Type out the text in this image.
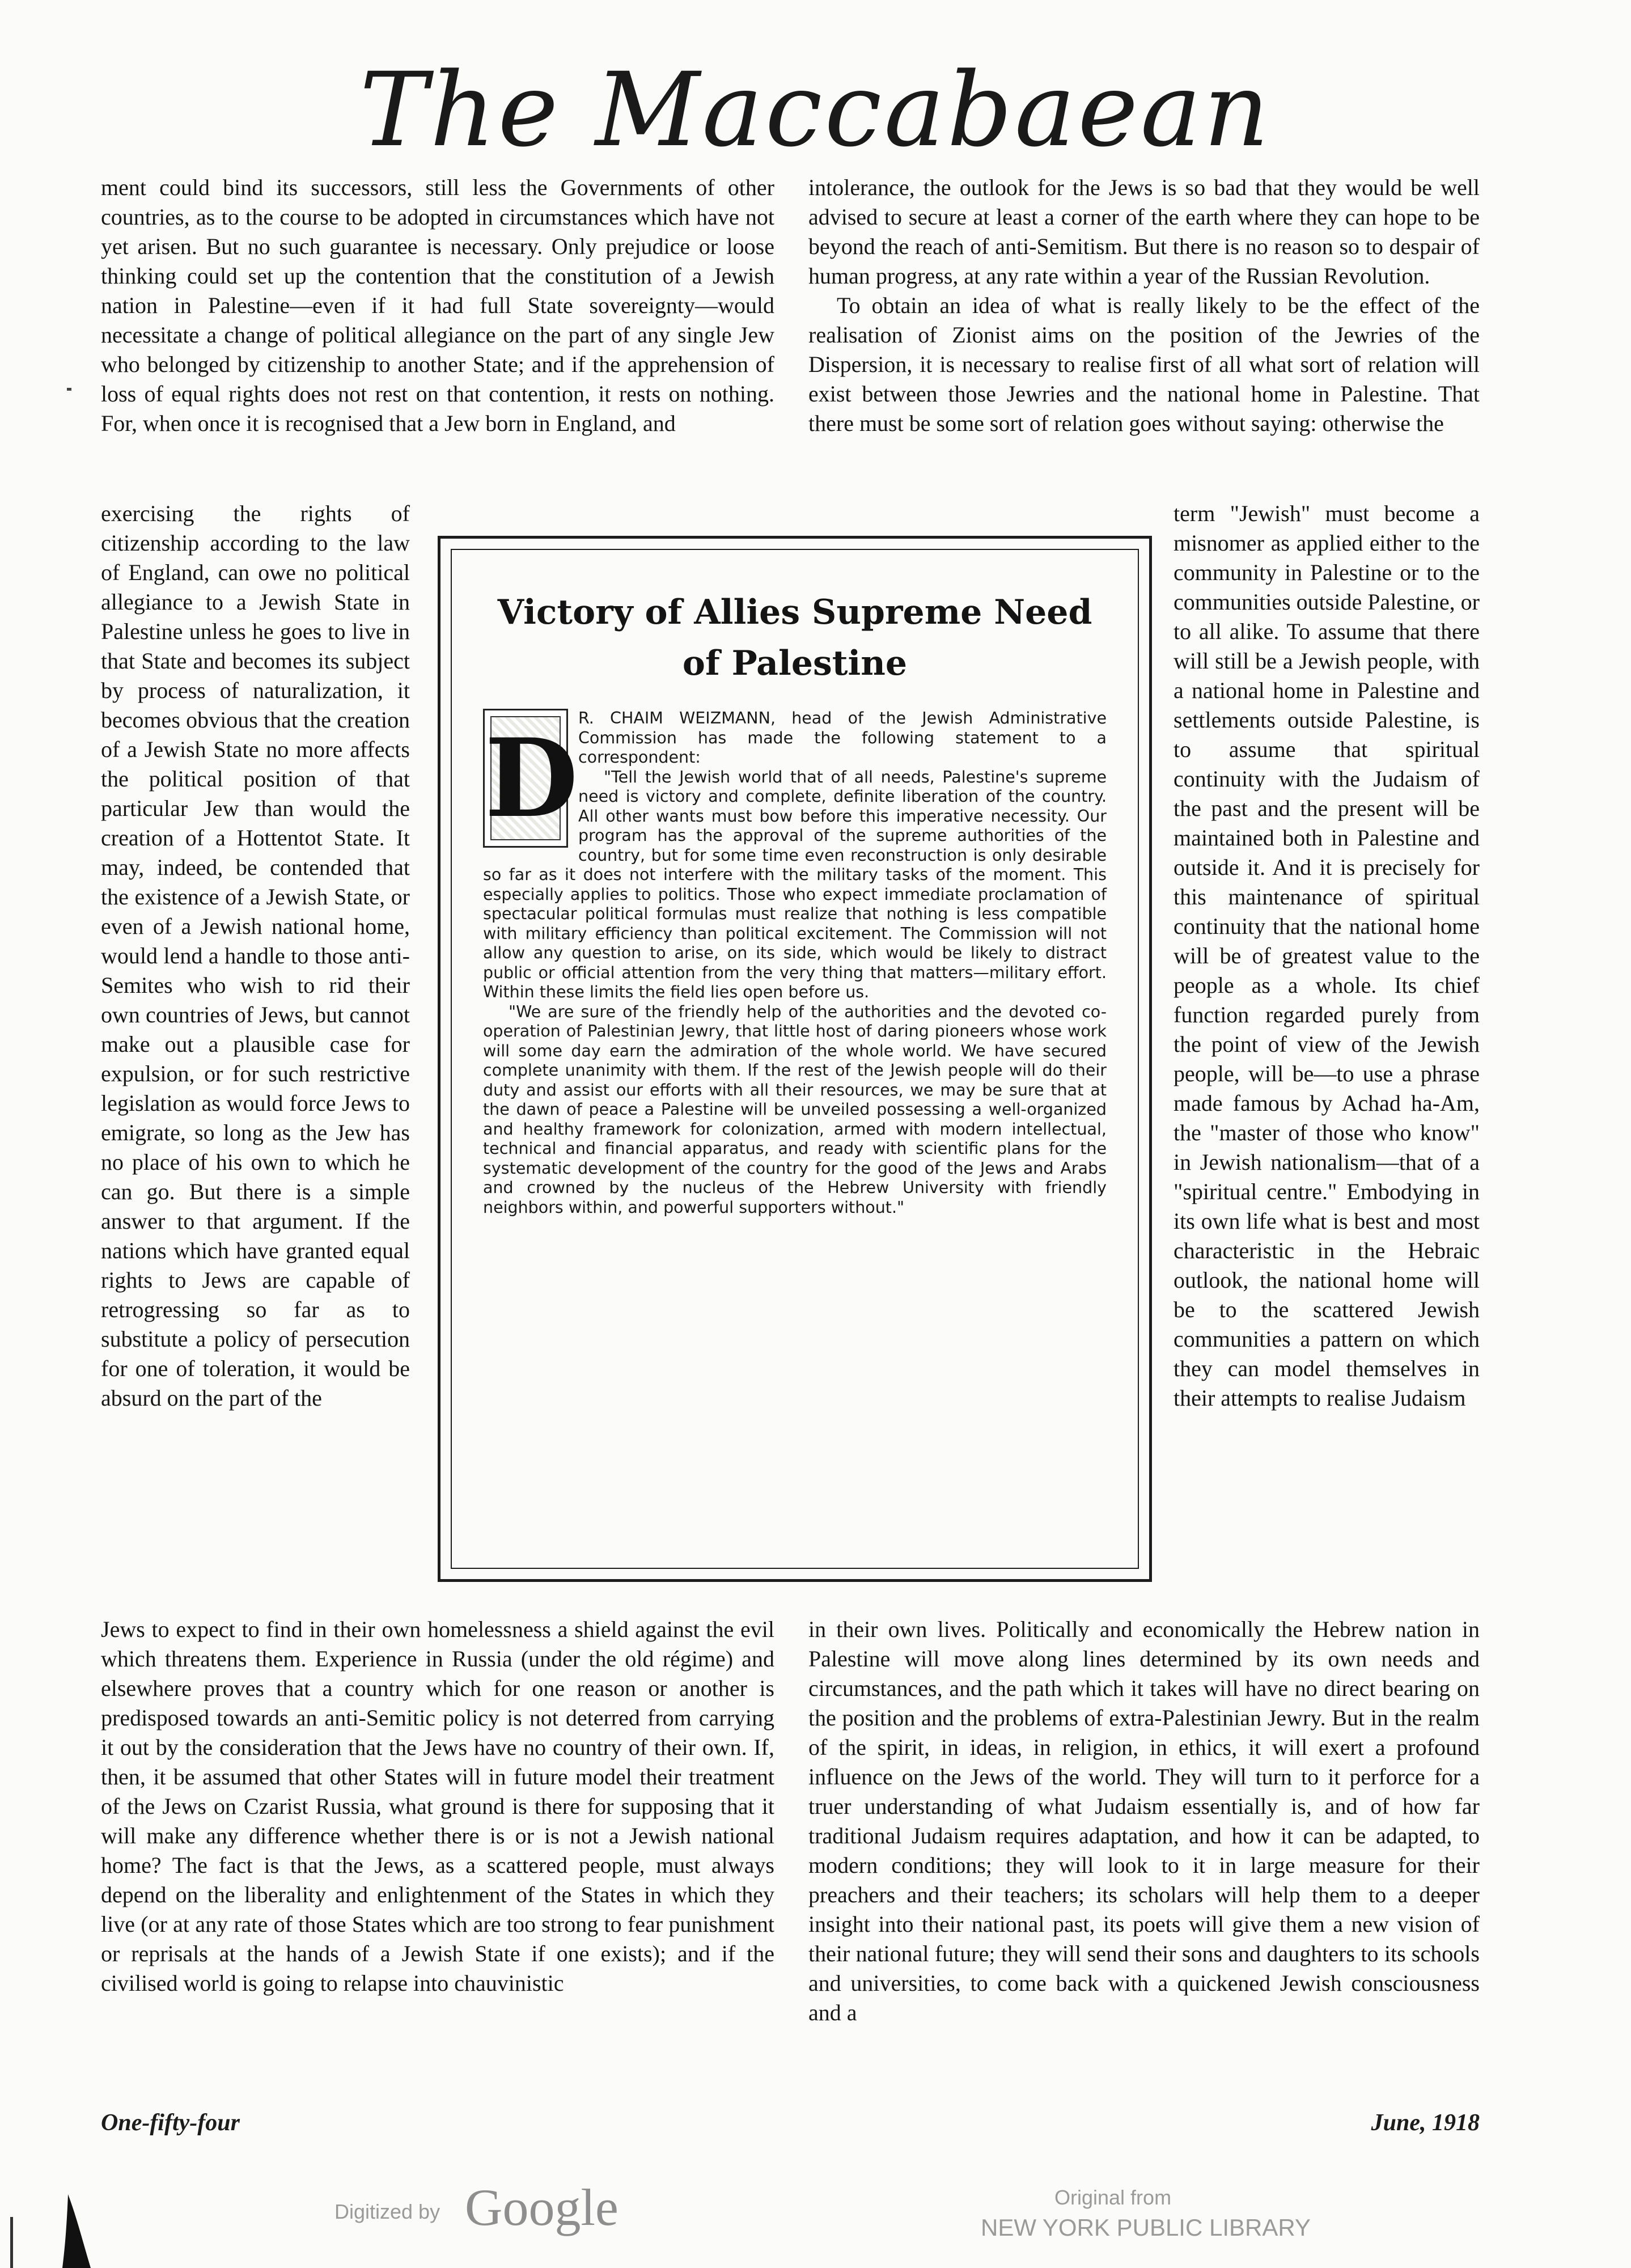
The Maccabaean

ment could bind its successors, still less the Governments of other countries, as to the course to be adopted in circumstances which have not yet arisen. But no such guarantee is necessary. Only prejudice or loose thinking could set up the contention that the constitution of a Jewish nation in Palestine—even if it had full State sovereignty—would necessitate a change of political allegiance on the part of any single Jew who belonged by citizenship to another State; and if the apprehension of loss of equal rights does not rest on that contention, it rests on nothing. For, when once it is recognised that a Jew born in England, and

intolerance, the outlook for the Jews is so bad that they would be well advised to secure at least a corner of the earth where they can hope to be beyond the reach of anti-Semitism. But there is no reason so to despair of human progress, at any rate within a year of the Russian Revolution.

To obtain an idea of what is really likely to be the effect of the realisation of Zionist aims on the position of the Jewries of the Dispersion, it is necessary to realise first of all what sort of relation will exist between those Jewries and the national home in Palestine. That there must be some sort of relation goes without saying: otherwise the

exercising the rights of citizenship according to the law of England, can owe no political allegiance to a Jewish State in Palestine unless he goes to live in that State and becomes its subject by process of naturalization, it becomes obvious that the creation of a Jewish State no more affects the political position of that particular Jew than would the creation of a Hottentot State. It may, indeed, be contended that the existence of a Jewish State, or even of a Jewish national home, would lend a handle to those anti-Semites who wish to rid their own countries of Jews, but cannot make out a plausible case for expulsion, or for such restrictive legislation as would force Jews to emigrate, so long as the Jew has no place of his own to which he can go. But there is a simple answer to that argument. If the nations which have granted equal rights to Jews are capable of retrogressing so far as to substitute a policy of persecution for one of toleration, it would be absurd on the part of the

term "Jewish" must become a misnomer as applied either to the community in Palestine or to the communities outside Palestine, or to all alike. To assume that there will still be a Jewish people, with a national home in Palestine and settlements outside Palestine, is to assume that spiritual continuity with the Judaism of the past and the present will be maintained both in Palestine and outside it. And it is precisely for this maintenance of spiritual continuity that the national home will be of greatest value to the people as a whole. Its chief function regarded purely from the point of view of the Jewish people, will be—to use a phrase made famous by Achad ha-Am, the "master of those who know" in Jewish nationalism—that of a "spiritual centre." Embodying in its own life what is best and most characteristic in the Hebraic outlook, the national home will be to the scattered Jewish communities a pattern on which they can model themselves in their attempts to realise Judaism

Victory of Allies Supreme Need
of Palestine
D R. CHAIM WEIZMANN, head of the Jewish Administrative Commission has made the following statement to a correspondent:

"Tell the Jewish world that of all needs, Palestine's supreme need is victory and complete, definite liberation of the country. All other wants must bow before this imperative necessity. Our program has the approval of the supreme authorities of the country, but for some time even reconstruction is only desirable so far as it does not interfere with the military tasks of the moment. This especially applies to politics. Those who expect immediate proclamation of spectacular political formulas must realize that nothing is less compatible with military efficiency than political excitement. The Commission will not allow any question to arise, on its side, which would be likely to distract public or official attention from the very thing that matters—military effort. Within these limits the field lies open before us.

"We are sure of the friendly help of the authorities and the devoted co-operation of Palestinian Jewry, that little host of daring pioneers whose work will some day earn the admiration of the whole world. We have secured complete unanimity with them. If the rest of the Jewish people will do their duty and assist our efforts with all their resources, we may be sure that at the dawn of peace a Palestine will be unveiled possessing a well-organized and healthy framework for colonization, armed with modern intellectual, technical and financial apparatus, and ready with scientific plans for the systematic development of the country for the good of the Jews and Arabs and crowned by the nucleus of the Hebrew University with friendly neighbors within, and powerful supporters without."

Jews to expect to find in their own homelessness a shield against the evil which threatens them. Experience in Russia (under the old régime) and elsewhere proves that a country which for one reason or another is predisposed towards an anti-Semitic policy is not deterred from carrying it out by the consideration that the Jews have no country of their own. If, then, it be assumed that other States will in future model their treatment of the Jews on Czarist Russia, what ground is there for supposing that it will make any difference whether there is or is not a Jewish national home? The fact is that the Jews, as a scattered people, must always depend on the liberality and enlightenment of the States in which they live (or at any rate of those States which are too strong to fear punishment or reprisals at the hands of a Jewish State if one exists); and if the civilised world is going to relapse into chauvinistic

in their own lives. Politically and economically the Hebrew nation in Palestine will move along lines determined by its own needs and circumstances, and the path which it takes will have no direct bearing on the position and the problems of extra-Palestinian Jewry. But in the realm of the spirit, in ideas, in religion, in ethics, it will exert a profound influence on the Jews of the world. They will turn to it perforce for a truer understanding of what Judaism essentially is, and of how far traditional Judaism requires adaptation, and how it can be adapted, to modern conditions; they will look to it in large measure for their preachers and their teachers; its scholars will help them to a deeper insight into their national past, its poets will give them a new vision of their national future; they will send their sons and daughters to its schools and universities, to come back with a quickened Jewish consciousness and a

One-fifty-four	June, 1918
Digitized by Google	Original from
NEW YORK PUBLIC LIBRARY
